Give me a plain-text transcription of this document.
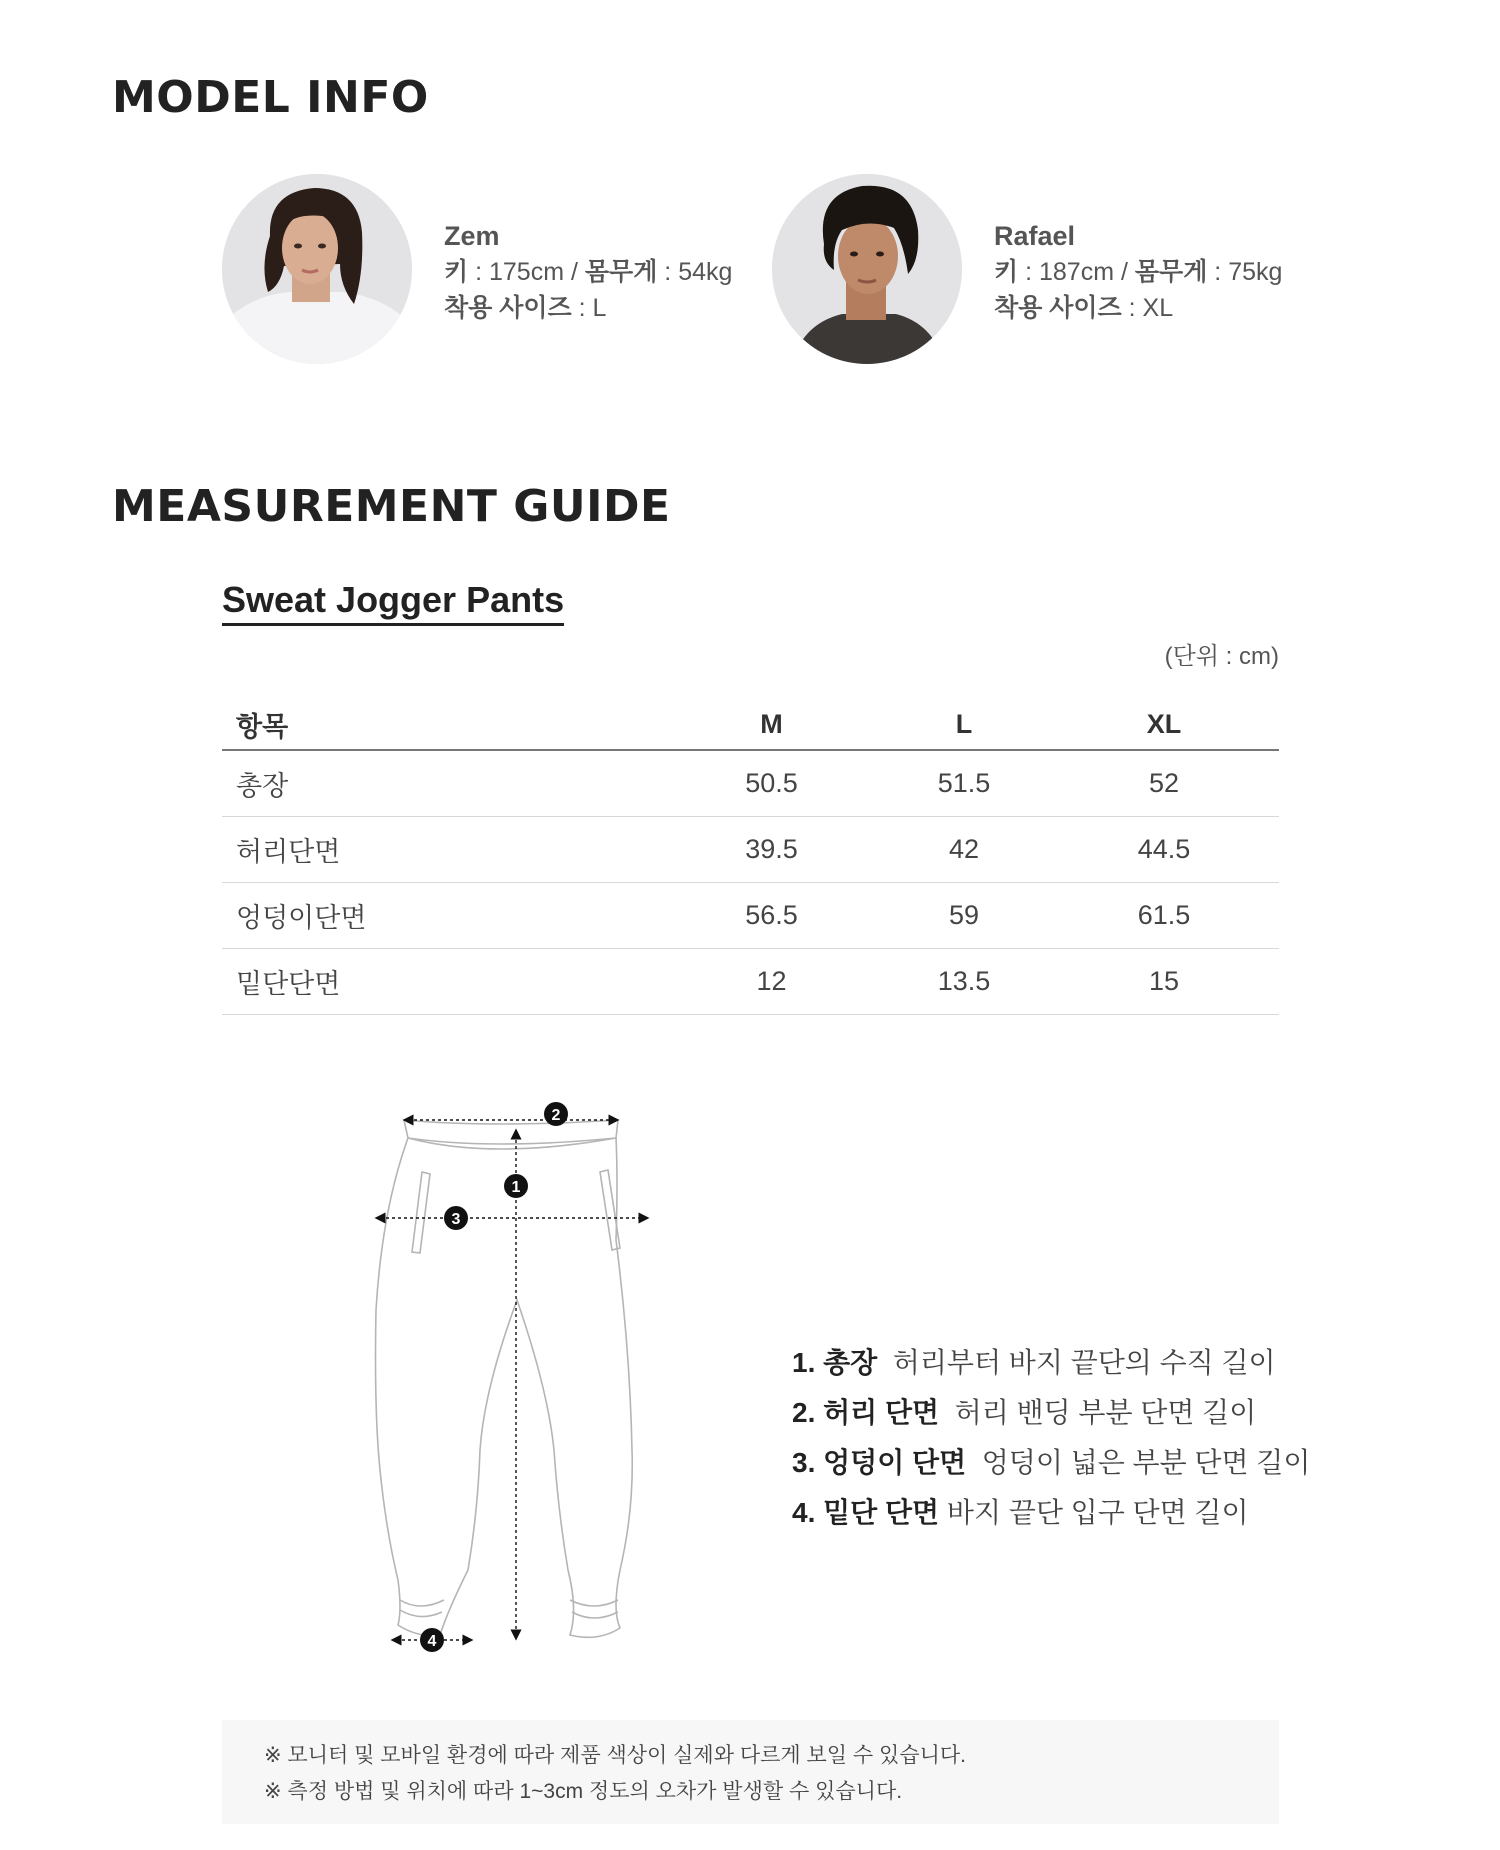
MODEL INFO
Zem
키 : 175cm / 몸무게 : 54kg
착용 사이즈 : L
Rafael
키 : 187cm / 몸무게 : 75kg
착용 사이즈 : XL
MEASUREMENT GUIDE
Sweat Jogger Pants
(단위 : cm)
항목	M	L	XL
총장	50.5	51.5	52
허리단면	39.5	42	44.5
엉덩이단면	56.5	59	61.5
밑단단면	12	13.5	15
1
2
3
4
1. 총장 허리부터 바지 끝단의 수직 길이
2. 허리 단면 허리 밴딩 부분 단면 길이
3. 엉덩이 단면 엉덩이 넓은 부분 단면 길이
4. 밑단 단면 바지 끝단 입구 단면 길이
※ 모니터 및 모바일 환경에 따라 제품 색상이 실제와 다르게 보일 수 있습니다.
※ 측정 방법 및 위치에 따라 1~3cm 정도의 오차가 발생할 수 있습니다.
